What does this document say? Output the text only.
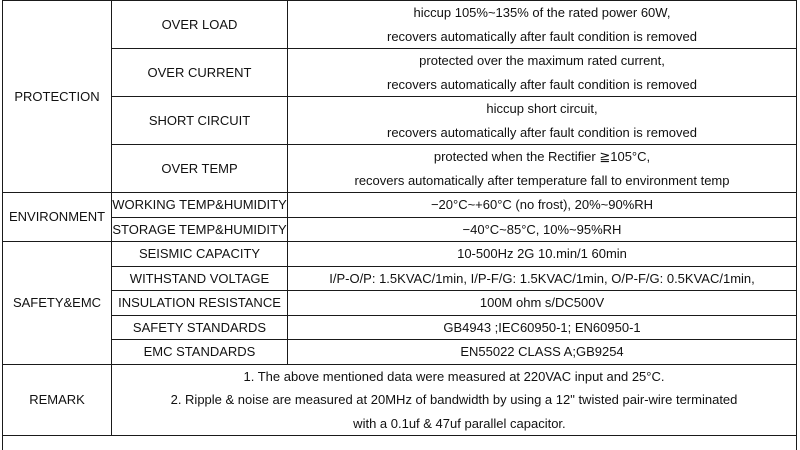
PROTECTION	OVER LOAD	hiccup 105%~135% of the rated power 60W,
recovers automatically after fault condition is removed

	OVER CURRENT	protected over the maximum rated current,
recovers automatically after fault condition is removed

	SHORT CIRCUIT	hiccup short circuit,
recovers automatically after fault condition is removed

	OVER TEMP	protected when the Rectifier ≧105°C,
recovers automatically after temperature fall to environment temp

ENVIRONMENT	WORKING TEMP&HUMIDITY	−20°C~+60°C (no frost), 20%~90%RH
	STORAGE TEMP&HUMIDITY	−40°C~85°C, 10%~95%RH
SAFETY&EMC	SEISMIC CAPACITY	10-500Hz 2G 10.min/1 60min
	WITHSTAND VOLTAGE	I/P-O/P: 1.5KVAC/1min, I/P-F/G: 1.5KVAC/1min, O/P-F/G: 0.5KVAC/1min,
	INSULATION RESISTANCE	100M ohm s/DC500V
	SAFETY STANDARDS	GB4943 ;IEC60950-1; EN60950-1
	EMC STANDARDS	EN55022 CLASS A;GB9254
REMARK	1. The above mentioned data were measured at 220VAC input and 25°C.
2. Ripple & noise are measured at 20MHz of bandwidth by using a 12" twisted pair-wire terminated
with a 0.1uf & 47uf parallel capacitor.	
